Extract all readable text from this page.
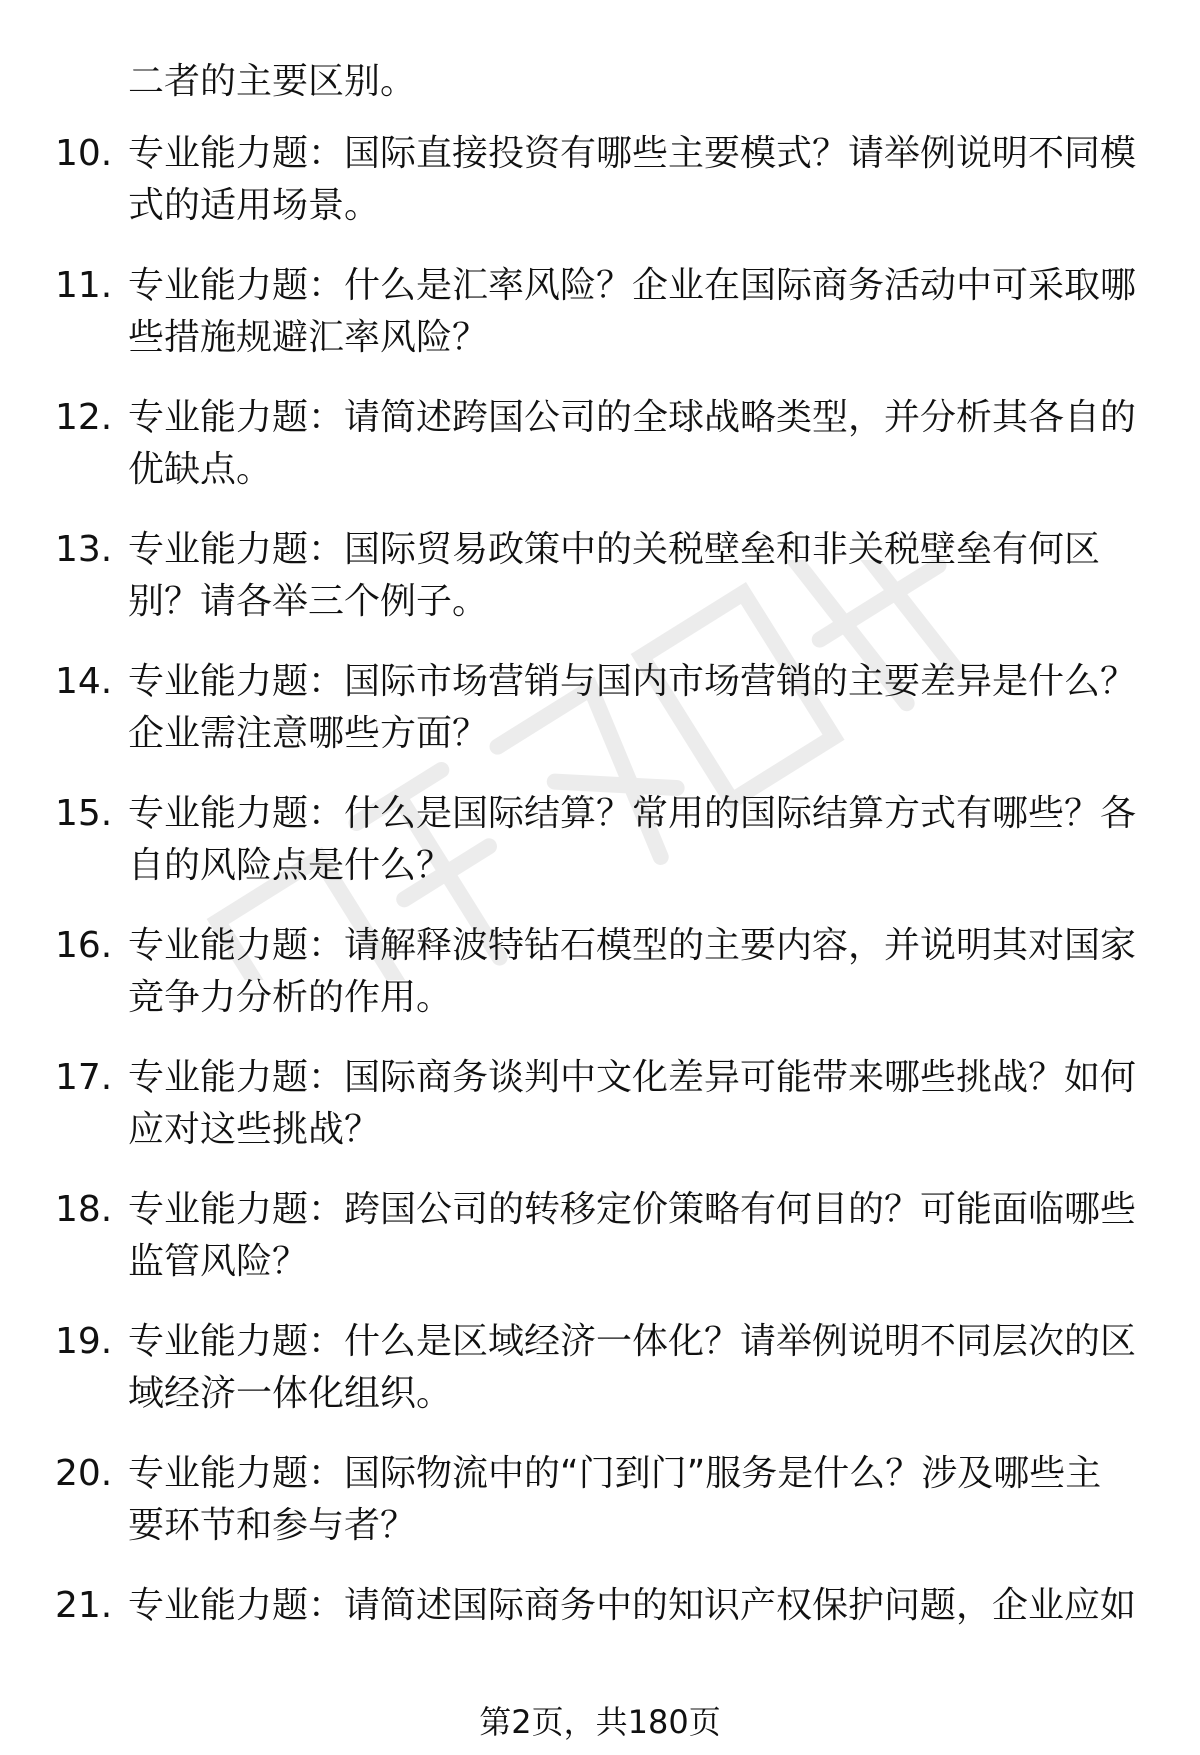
二者的主要区别。
10. 专业能力题：国际直接投资有哪些主要模式？请举例说明不同模
式的适用场景。

11. 专业能力题：什么是汇率风险？企业在国际商务活动中可采取哪
些措施规避汇率风险？

12. 专业能力题：请简述跨国公司的全球战略类型，并分析其各自的
优缺点。

13. 专业能力题：国际贸易政策中的关税壁垒和非关税壁垒有何区
别？请各举三个例子。

14. 专业能力题：国际市场营销与国内市场营销的主要差异是什么？
企业需注意哪些方面？

15. 专业能力题：什么是国际结算？常用的国际结算方式有哪些？各
自的风险点是什么？

16. 专业能力题：请解释波特钻石模型的主要内容，并说明其对国家
竞争力分析的作用。

17. 专业能力题：国际商务谈判中文化差异可能带来哪些挑战？如何
应对这些挑战？

18. 专业能力题：跨国公司的转移定价策略有何目的？可能面临哪些
监管风险？

19. 专业能力题：什么是区域经济一体化？请举例说明不同层次的区
域经济一体化组织。

20. 专业能力题：国际物流中的“门到门”服务是什么？涉及哪些主
要环节和参与者？

21. 专业能力题：请简述国际商务中的知识产权保护问题，企业应如

第2页，共180页
